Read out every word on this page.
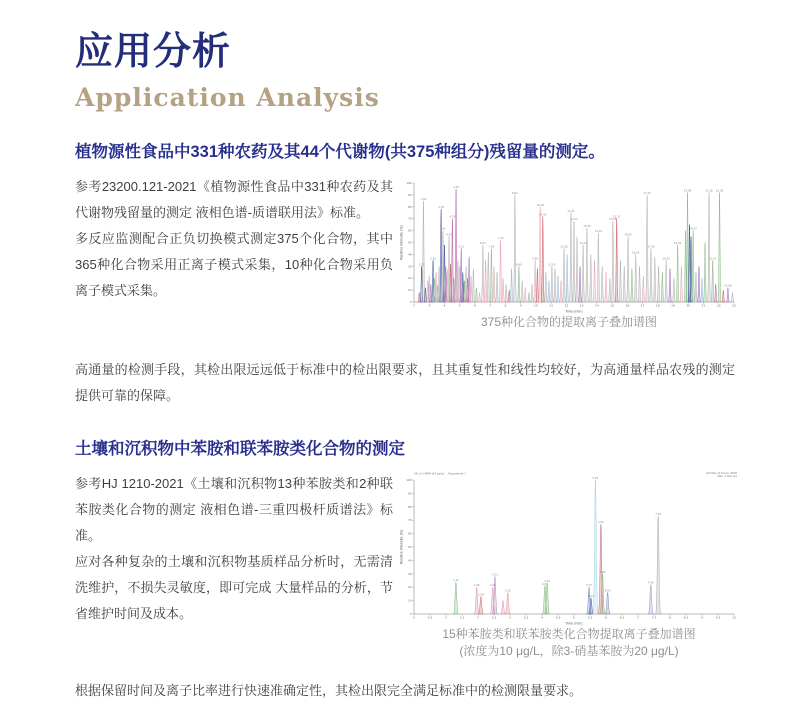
应用分析
Application Analysis
植物源性食品中331种农药及其44个代谢物(共375种组分)残留量的测定。

参考23200.121-2021《植物源性食品中331种农药及其 代谢物残留量的测定 液相色谱-质谱联用法》标准。

多反应监测配合正负切换模式测定375个化合物，其中365种化合物采用正离子模式采集，10种化合物采用负离子模式采集。

2	3	4	5	6	7	8	9	10	11	12	13	14	15	16	17	18	19	20	21	22	23
0
10
20
30
40
50
60
70
80
90
100
Time (min)
Relative Intensity (%)
2.55
2.64
3.26
3.78
3.91
4.31
4.52
4.76
5.12
6.53
7.08
7.70
8.62
8.90
9.95
10.28
10.45
11.05
11.85
12.31
12.52
13.12
13.35
14.10
15.05
15.31
16.05
16.55
17.31
17.56
18.55
19.30
19.95
20.32
21.36
21.67
22.05
22.66
375种化合物的提取离子叠加谱图

高通量的检测手段，其检出限远远低于标准中的检出限要求，且其重复性和线性均较好，为高通量样品农残的测定提供可靠的保障。

土壤和沉积物中苯胺和联苯胺类化合物的测定

参考HJ 1210-2021《土壤和沉积物13种苯胺类和2种联苯胺类化合物的测定 液相色谱-三重四极杆质谱法》标准。

应对各种复杂的土壤和沉积物基质样品分析时，无需清洗维护，不损失灵敏度，即可完成 大量样品的分析，节省维护时间及成本。	0	0.5	1	1.5	2	2.5	3	3.5	4	4.5	5	5.5	6	6.5	7	7.5	8	8.5	9	9.5	10
0
10
20
30
40
50
60
70
80
90
100
Time (min)
Relative Intensity (%)
XIC of +MRM (45 pairs) ... Experiment 1	Number of Scans: 9630
Max: 1.0e6 cps
1.31
1.96
2.09
2.46
2.53
2.93
4.09
4.16
5.47
5.53
5.67
5.84
5.89
6.05
7.40
7.63
15种苯胺类和联苯胺类化合物提取离子叠加谱图
(浓度为10 μg/L，除3-硝基苯胺为20 μg/L)

根据保留时间及离子比率进行快速准确定性，其检出限完全满足标准中的检测限量要求。
